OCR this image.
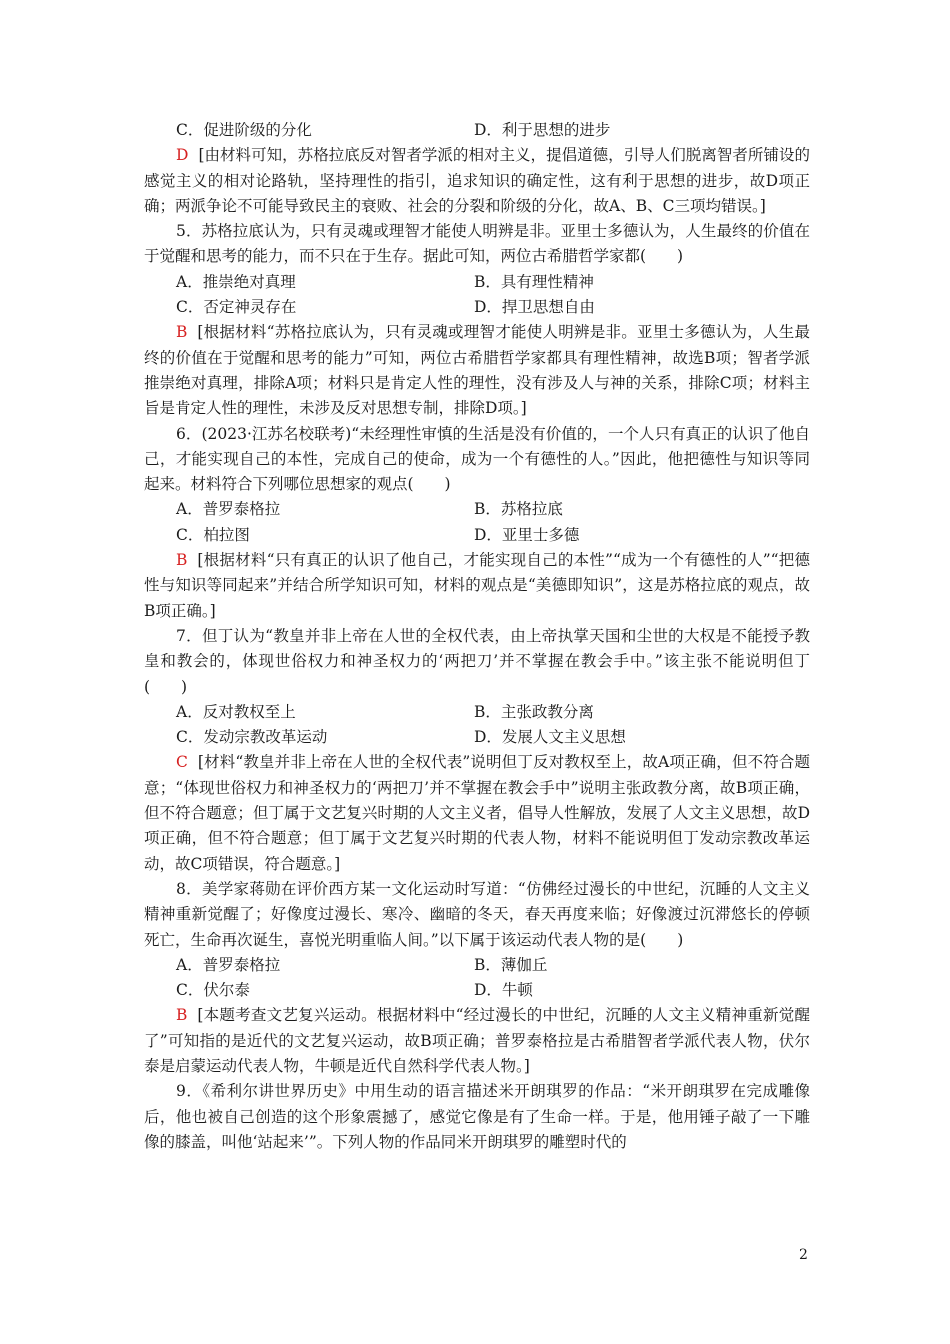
C．促进阶级的分化	D．利于思想的进步
D [由材料可知，苏格拉底反对智者学派的相对主义，提倡道德，引导人们脱离智者所铺设的感觉主义的相对论路轨，坚持理性的指引，追求知识的确定性，这有利于思想的进步，故D项正确；两派争论不可能导致民主的衰败、社会的分裂和阶级的分化，故A、B、C三项均错误。]
5．苏格拉底认为，只有灵魂或理智才能使人明辨是非。亚里士多德认为，人生最终的价值在于觉醒和思考的能力，而不只在于生存。据此可知，两位古希腊哲学家都(　　)
A．推崇绝对真理	B．具有理性精神
C．否定神灵存在	D．捍卫思想自由
B [根据材料“苏格拉底认为，只有灵魂或理智才能使人明辨是非。亚里士多德认为，人生最终的价值在于觉醒和思考的能力”可知，两位古希腊哲学家都具有理性精神，故选B项；智者学派推崇绝对真理，排除A项；材料只是肯定人性的理性，没有涉及人与神的关系，排除C项；材料主旨是肯定人性的理性，未涉及反对思想专制，排除D项。]
6．(2023·江苏名校联考)“未经理性审慎的生活是没有价值的，一个人只有真正的认识了他自己，才能实现自己的本性，完成自己的使命，成为一个有德性的人。”因此，他把德性与知识等同起来。材料符合下列哪位思想家的观点(　　)
A．普罗泰格拉	B．苏格拉底
C．柏拉图	D．亚里士多德
B [根据材料“只有真正的认识了他自己，才能实现自己的本性”“成为一个有德性的人”“把德性与知识等同起来”并结合所学知识可知，材料的观点是“美德即知识”，这是苏格拉底的观点，故B项正确。]
7．但丁认为“教皇并非上帝在人世的全权代表，由上帝执掌天国和尘世的大权是不能授予教皇和教会的，体现世俗权力和神圣权力的‘两把刀’并不掌握在教会手中。”该主张不能说明但丁(　　)
A．反对教权至上	B．主张政教分离
C．发动宗教改革运动	D．发展人文主义思想
C [材料“教皇并非上帝在人世的全权代表”说明但丁反对教权至上，故A项正确，但不符合题意；“体现世俗权力和神圣权力的‘两把刀’并不掌握在教会手中”说明主张政教分离，故B项正确，但不符合题意；但丁属于文艺复兴时期的人文主义者，倡导人性解放，发展了人文主义思想，故D项正确，但不符合题意；但丁属于文艺复兴时期的代表人物，材料不能说明但丁发动宗教改革运动，故C项错误，符合题意。]
8．美学家蒋勋在评价西方某一文化运动时写道：“仿佛经过漫长的中世纪，沉睡的人文主义精神重新觉醒了；好像度过漫长、寒冷、幽暗的冬天，春天再度来临；好像渡过沉滞悠长的停顿死亡，生命再次诞生，喜悦光明重临人间。”以下属于该运动代表人物的是(　　)
A．普罗泰格拉	B．薄伽丘
C．伏尔泰	D．牛顿
B [本题考查文艺复兴运动。根据材料中“经过漫长的中世纪，沉睡的人文主义精神重新觉醒了”可知指的是近代的文艺复兴运动，故B项正确；普罗泰格拉是古希腊智者学派代表人物，伏尔泰是启蒙运动代表人物，牛顿是近代自然科学代表人物。]
9．《希利尔讲世界历史》中用生动的语言描述米开朗琪罗的作品：“米开朗琪罗在完成雕像后，他也被自己创造的这个形象震撼了，感觉它像是有了生命一样。于是，他用锤子敲了一下雕像的膝盖，叫他‘站起来’”。下列人物的作品同米开朗琪罗的雕塑时代的
2
